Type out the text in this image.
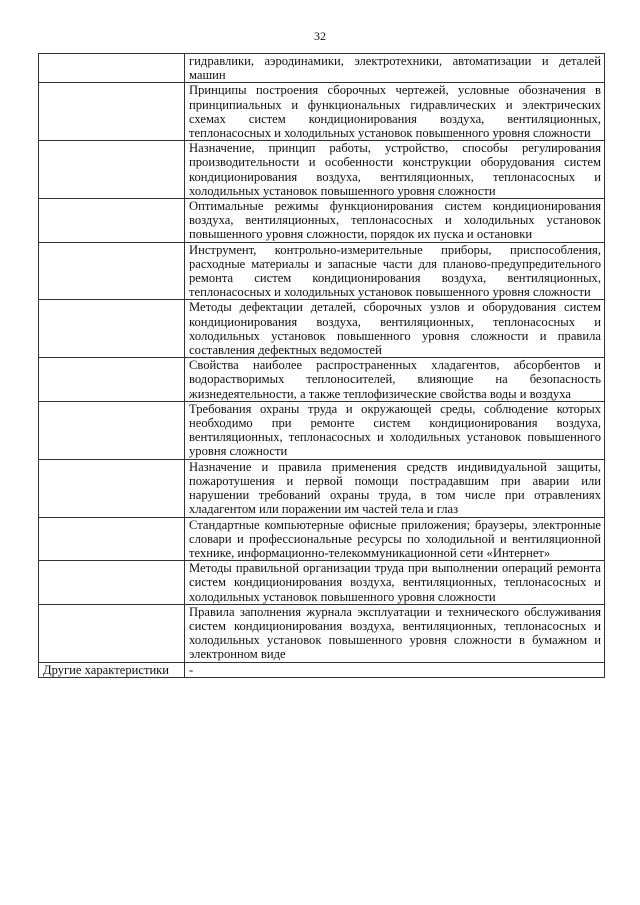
32
	гидравлики, аэродинамики, электротехники, автоматизации и деталей машин
	Принципы построения сборочных чертежей, условные обозначения в принципиальных и функциональных гидравлических и электрических схемах систем кондиционирования воздуха, вентиляционных, теплонасосных и холодильных установок повышенного уровня сложности
	Назначение, принцип работы, устройство, способы регулирования производительности и особенности конструкции оборудования систем кондиционирования воздуха, вентиляционных, теплонасосных и холодильных установок повышенного уровня сложности
	Оптимальные режимы функционирования систем кондиционирования воздуха, вентиляционных, теплонасосных и холодильных установок повышенного уровня сложности, порядок их пуска и остановки
	Инструмент, контрольно-измерительные приборы, приспособления, расходные материалы и запасные части для планово-предупредительного ремонта систем кондиционирования воздуха, вентиляционных, теплонасосных и холодильных установок повышенного уровня сложности
	Методы дефектации деталей, сборочных узлов и оборудования систем кондиционирования воздуха, вентиляционных, теплонасосных и холодильных установок повышенного уровня сложности и правила составления дефектных ведомостей
	Свойства наиболее распространенных хладагентов, абсорбентов и водорастворимых теплоносителей, влияющие на безопасность жизнедеятельности, а также теплофизические свойства воды и воздуха
	Требования охраны труда и окружающей среды, соблюдение которых необходимо при ремонте систем кондиционирования воздуха, вентиляционных, теплонасосных и холодильных установок повышенного уровня сложности
	Назначение и правила применения средств индивидуальной защиты, пожаротушения и первой помощи пострадавшим при аварии или нарушении требований охраны труда, в том числе при отравлениях хладагентом или поражении им частей тела и глаз
	Стандартные компьютерные офисные приложения; браузеры, электронные словари и профессиональные ресурсы по холодильной и вентиляционной технике, информационно-телекоммуникационной сети «Интернет»
	Методы правильной организации труда при выполнении операций ремонта систем кондиционирования воздуха, вентиляционных, теплонасосных и холодильных установок повышенного уровня сложности
	Правила заполнения журнала эксплуатации и технического обслуживания систем кондиционирования воздуха, вентиляционных, теплонасосных и холодильных установок повышенного уровня сложности в бумажном и электронном виде
Другие характеристики	-
